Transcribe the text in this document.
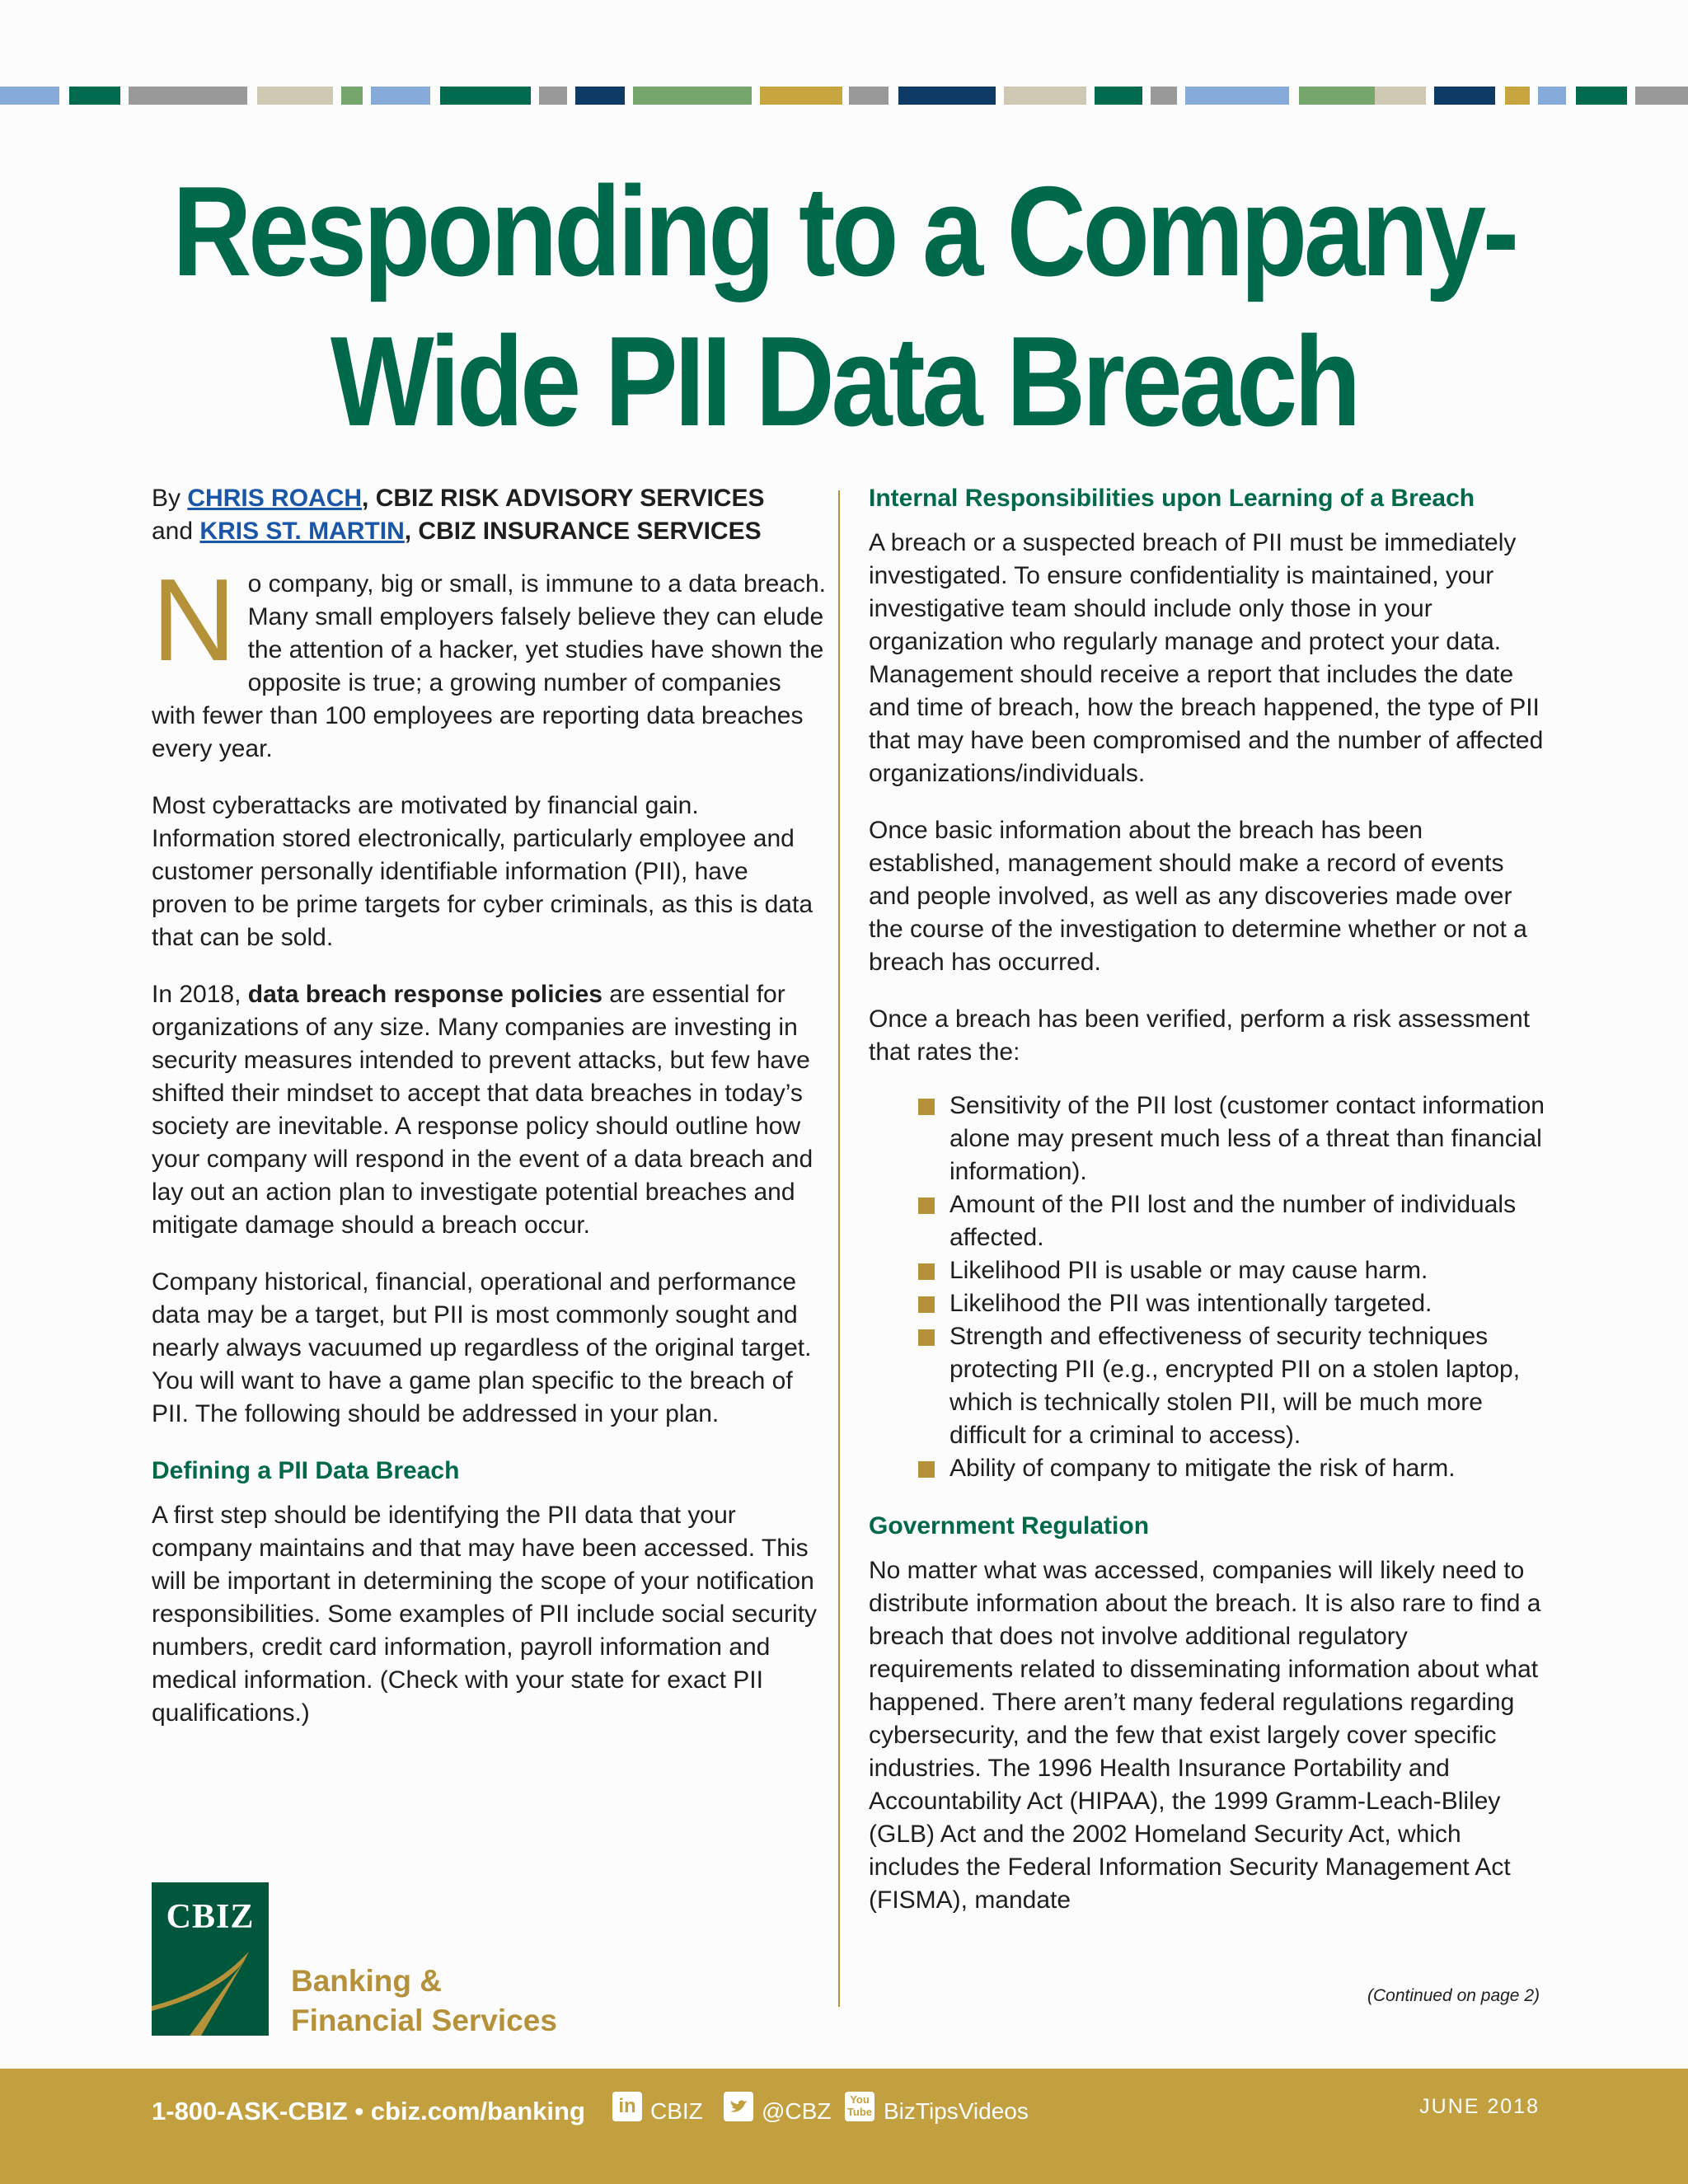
Responding to a Company-
Wide PII Data Breach

By CHRIS ROACH, CBIZ RISK ADVISORY SERVICES
and KRIS ST. MARTIN, CBIZ INSURANCE SERVICES

No company, big or small, is immune to a data breach. Many small employers falsely believe they can elude the attention of a hacker, yet studies have shown the opposite is true; a growing number of companies with fewer than 100 employees are reporting data breaches every year.

Most cyberattacks are motivated by financial gain. Information stored electronically, particularly employee and customer personally identifiable information (PII), have proven to be prime targets for cyber criminals, as this is data that can be sold.

In 2018, data breach response policies are essential for organizations of any size. Many companies are investing in security measures intended to prevent attacks, but few have shifted their mindset to accept that data breaches in today’s society are inevitable. A response policy should outline how your company will respond in the event of a data breach and lay out an action plan to investigate potential breaches and mitigate damage should a breach occur.

Company historical, financial, operational and performance data may be a target, but PII is most commonly sought and nearly always vacuumed up regardless of the original target. You will want to have a game plan specific to the breach of PII. The following should be addressed in your plan.

Defining a PII Data Breach

A first step should be identifying the PII data that your company maintains and that may have been accessed. This will be important in determining the scope of your notification responsibilities. Some examples of PII include social security numbers, credit card information, payroll information and medical information. (Check with your state for exact PII qualifications.)

Internal Responsibilities upon Learning of a Breach

A breach or a suspected breach of PII must be immediately investigated. To ensure confidentiality is maintained, your investigative team should include only those in your organization who regularly manage and protect your data. Management should receive a report that includes the date and time of breach, how the breach happened, the type of PII that may have been compromised and the number of affected organizations/individuals.

Once basic information about the breach has been established, management should make a record of events and people involved, as well as any discoveries made over the course of the investigation to determine whether or not a breach has occurred.

Once a breach has been verified, perform a risk assessment that rates the:

Sensitivity of the PII lost (customer contact information alone may present much less of a threat than financial information).
Amount of the PII lost and the number of individuals affected.
Likelihood PII is usable or may cause harm.
Likelihood the PII was intentionally targeted.
Strength and effectiveness of security techniques protecting PII (e.g., encrypted PII on a stolen laptop, which is technically stolen PII, will be much more difficult for a criminal to access).
Ability of company to mitigate the risk of harm.
Government Regulation

No matter what was accessed, companies will likely need to distribute information about the breach. It is also rare to find a breach that does not involve additional regulatory requirements related to disseminating information about what happened. There aren’t many federal regulations regarding cybersecurity, and the few that exist largely cover specific industries. The 1996 Health Insurance Portability and Accountability Act (HIPAA), the 1999 Gramm-Leach-Bliley (GLB) Act and the 2002 Homeland Security Act, which includes the Federal Information Security Management Act (FISMA), mandate

(Continued on page 2)
CBIZ
Banking &
Financial Services
1-800-ASK-CBIZ • cbiz.com/banking	in CBIZ	@CBZ	You
Tube BizTipsVideos	JUNE 2018
